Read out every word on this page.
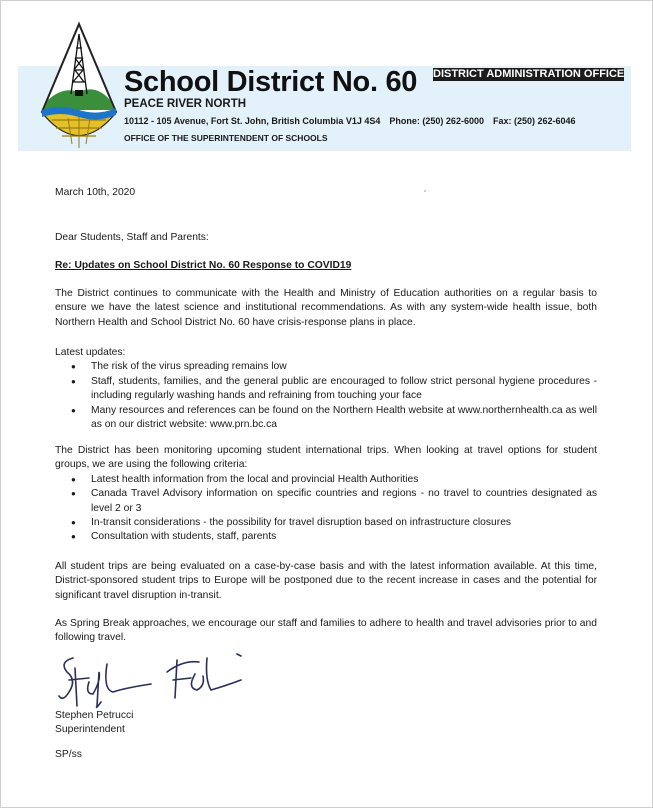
School District No. 60 DISTRICT ADMINISTRATION OFFICE
PEACE RIVER NORTH
10112 - 105 Avenue, Fort St. John, British Columbia V1J 4S4 Phone: (250) 262-6000 Fax: (250) 262-6046
OFFICE OF THE SUPERINTENDENT OF SCHOOLS
March 10th, 2020
Dear Students, Staff and Parents:
Re: Updates on School District No. 60 Response to COVID19

The District continues to communicate with the Health and Ministry of Education authorities on a regular basis to ensure we have the latest science and institutional recommendations. As with any system-wide health issue, both Northern Health and School District No. 60 have crisis-response plans in place.

Latest updates:

● The risk of the virus spreading remains low
● Staff, students, families, and the general public are encouraged to follow strict personal hygiene procedures - including regularly washing hands and refraining from touching your face
● Many resources and references can be found on the Northern Health website at www.northernhealth.ca as well as on our district website: www.prn.bc.ca

The District has been monitoring upcoming student international trips. When looking at travel options for student groups, we are using the following criteria:

● Latest health information from the local and provincial Health Authorities
● Canada Travel Advisory information on specific countries and regions - no travel to countries designated as level 2 or 3
● In-transit considerations - the possibility for travel disruption based on infrastructure closures
● Consultation with students, staff, parents

All student trips are being evaluated on a case-by-case basis and with the latest information available. At this time, District-sponsored student trips to Europe will be postponed due to the recent increase in cases and the potential for significant travel disruption in-transit.

As Spring Break approaches, we encourage our staff and families to adhere to health and travel advisories prior to and following travel.

Stephen Petrucci
Superintendent
SP/ss
